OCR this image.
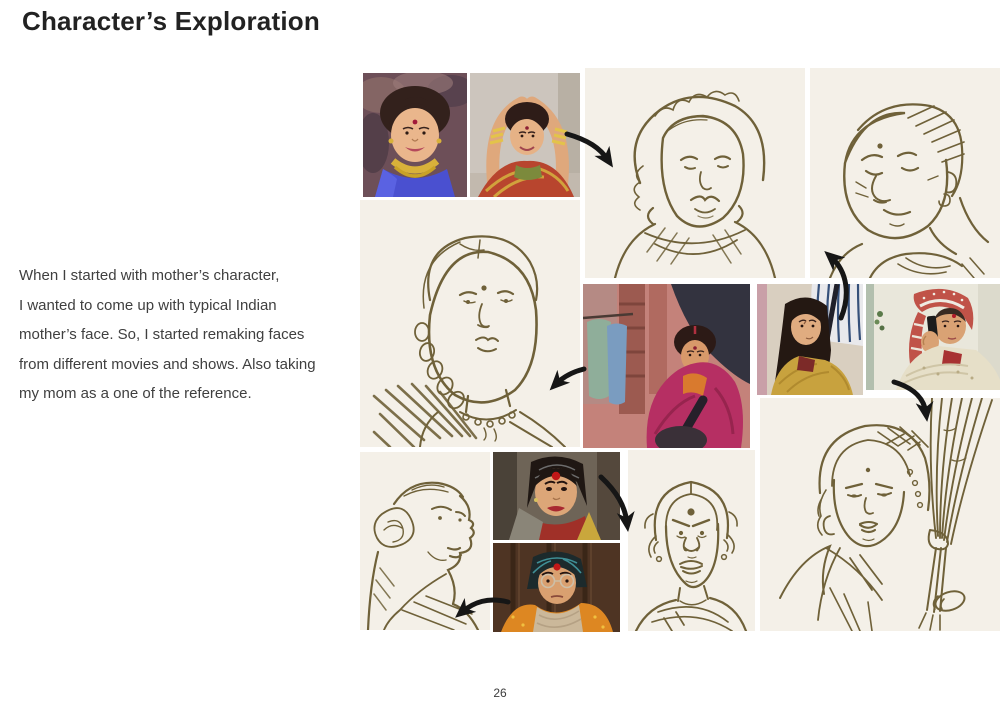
Character’s Exploration

When I started with mother’s character,

I wanted to come up with typical Indian

mother’s face. So, I started remaking faces

from different movies and shows. Also taking

my mom as a one of the reference.

26
